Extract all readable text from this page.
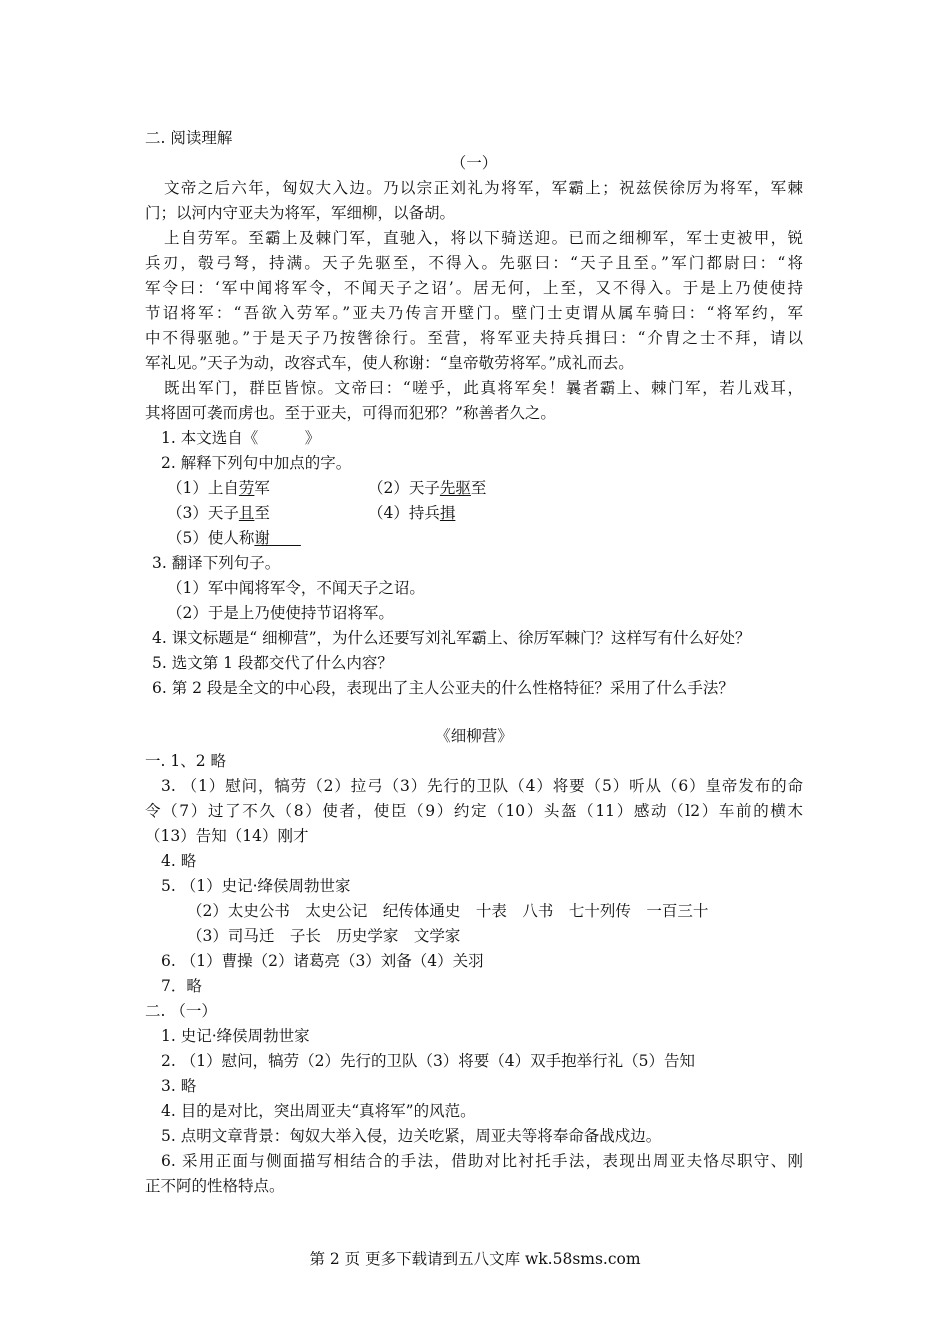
二. 阅读理解
（一）
文帝之后六年，匈奴大入边。乃以宗正刘礼为将军，军霸上；祝兹侯徐厉为将军，军棘
门；以河内守亚夫为将军，军细柳，以备胡。
上自劳军。至霸上及棘门军，直驰入，将以下骑送迎。已而之细柳军，军士吏被甲，锐
兵刃，彀弓弩，持满。天子先驱至，不得入。先驱曰：“天子且至。”军门都尉曰：“将
军令曰：‘军中闻将军令，不闻天子之诏’。居无何，上至，又不得入。于是上乃使使持
节诏将军：“吾欲入劳军。”亚夫乃传言开壁门。壁门士吏谓从属车骑曰：“将军约，军
中不得驱驰。”于是天子乃按辔徐行。至营，将军亚夫持兵揖曰：“介胄之士不拜，请以
军礼见。”天子为动，改容式车，使人称谢：“皇帝敬劳将军。”成礼而去。
既出军门，群臣皆惊。文帝曰：“嗟乎，此真将军矣！曩者霸上、棘门军，若儿戏耳，
其将固可袭而虏也。至于亚夫，可得而犯邪？”称善者久之。
1. 本文选自《　　　》
2. 解释下列句中加点的字。
（1）上自劳军	（2）天子先驱至
（3）天子且至	（4）持兵揖
（5）使人称谢　　
3. 翻译下列句子。
（1）军中闻将军令，不闻天子之诏。
（2）于是上乃使使持节诏将军。
4. 课文标题是“ 细柳营”，为什么还要写刘礼军霸上、徐厉军棘门？这样写有什么好处？
5. 选文第 1 段都交代了什么内容？
6. 第 2 段是全文的中心段，表现出了主人公亚夫的什么性格特征？采用了什么手法？
《细柳营》
一. 1、2 略
3. （1）慰问，犒劳（2）拉弓（3）先行的卫队（4）将要（5）听从（6）皇帝发布的命
令（7）过了不久（8）使者，使臣（9）约定（10）头盔（11）感动（l2）车前的横木
（13）告知（14）刚才
4. 略
5. （1）史记·绛侯周勃世家
（2）太史公书　太史公记　纪传体通史　十表　八书　七十列传　一百三十
（3）司马迁　子长　历史学家　文学家
6. （1）曹操（2）诸葛亮（3）刘备（4）关羽
7．略
二. （一）
1. 史记·绛侯周勃世家
2. （1）慰问，犒劳（2）先行的卫队（3）将要（4）双手抱举行礼（5）告知
3. 略
4. 目的是对比，突出周亚夫“真将军”的风范。
5. 点明文章背景：匈奴大举入侵，边关吃紧，周亚夫等将奉命备战戍边。
6. 采用正面与侧面描写相结合的手法，借助对比衬托手法，表现出周亚夫恪尽职守、刚
正不阿的性格特点。
第 2 页 更多下载请到五八文库 wk.58sms.com
